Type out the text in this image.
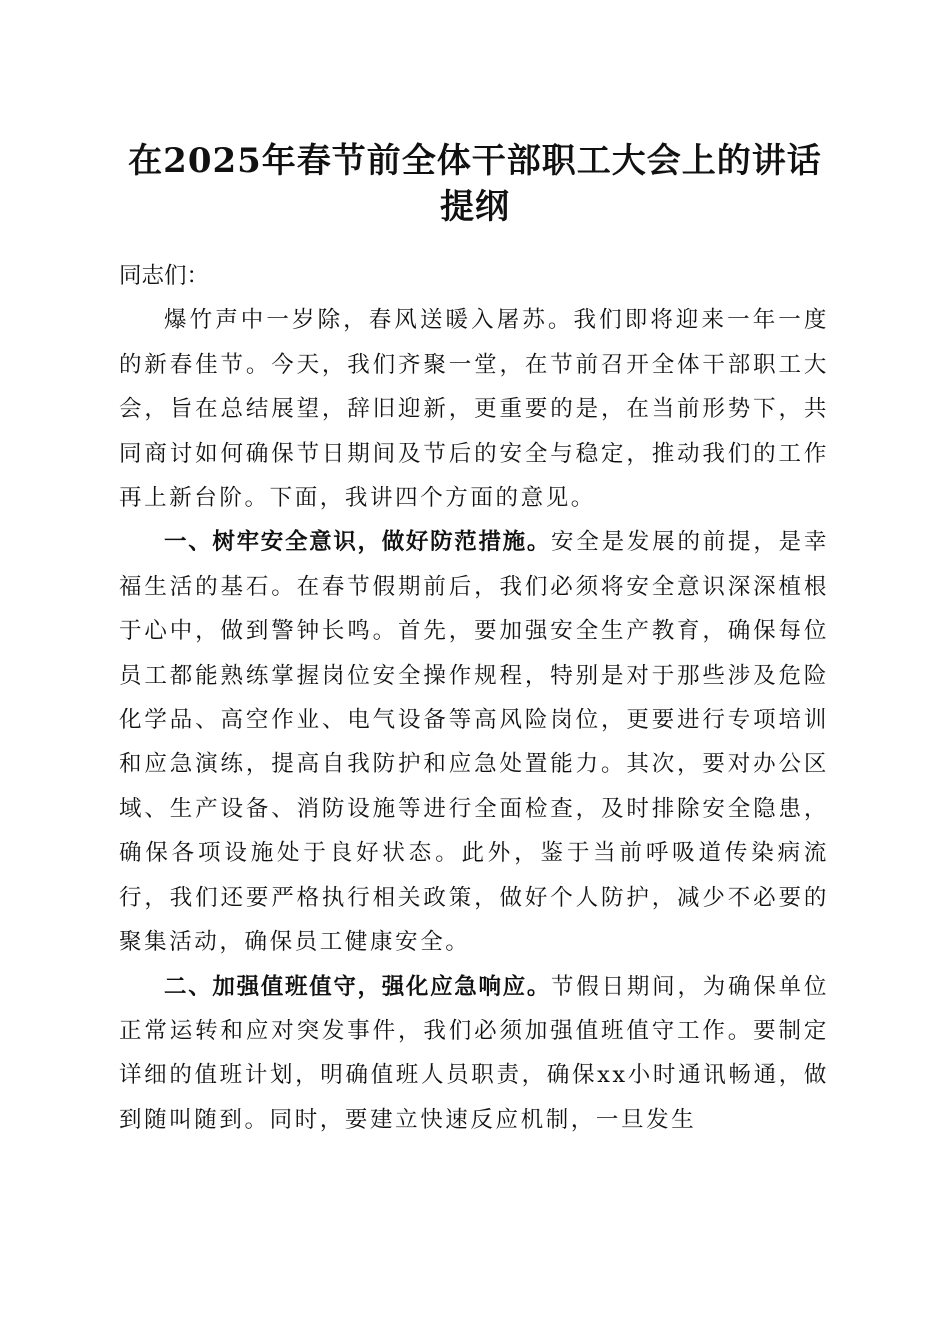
在2025年春节前全体干部职工大会上的讲话
提纲

同志们：

爆竹声中一岁除，春风送暖入屠苏。我们即将迎来一年一度的新春佳节。今天，我们齐聚一堂，在节前召开全体干部职工大会，旨在总结展望，辞旧迎新，更重要的是，在当前形势下，共同商讨如何确保节日期间及节后的安全与稳定，推动我们的工作再上新台阶。下面，我讲四个方面的意见。

一、树牢安全意识，做好防范措施。安全是发展的前提，是幸福生活的基石。在春节假期前后，我们必须将安全意识深深植根于心中，做到警钟长鸣。首先，要加强安全生产教育，确保每位员工都能熟练掌握岗位安全操作规程，特别是对于那些涉及危险化学品、高空作业、电气设备等高风险岗位，更要进行专项培训和应急演练，提高自我防护和应急处置能力。其次，要对办公区域、生产设备、消防设施等进行全面检查，及时排除安全隐患，确保各项设施处于良好状态。此外，鉴于当前呼吸道传染病流行，我们还要严格执行相关政策，做好个人防护，减少不必要的聚集活动，确保员工健康安全。

二、加强值班值守，强化应急响应。节假日期间，为确保单位正常运转和应对突发事件，我们必须加强值班值守工作。要制定详细的值班计划，明确值班人员职责，确保xx小时通讯畅通，做到随叫随到。同时，要建立快速反应机制，一旦发生
